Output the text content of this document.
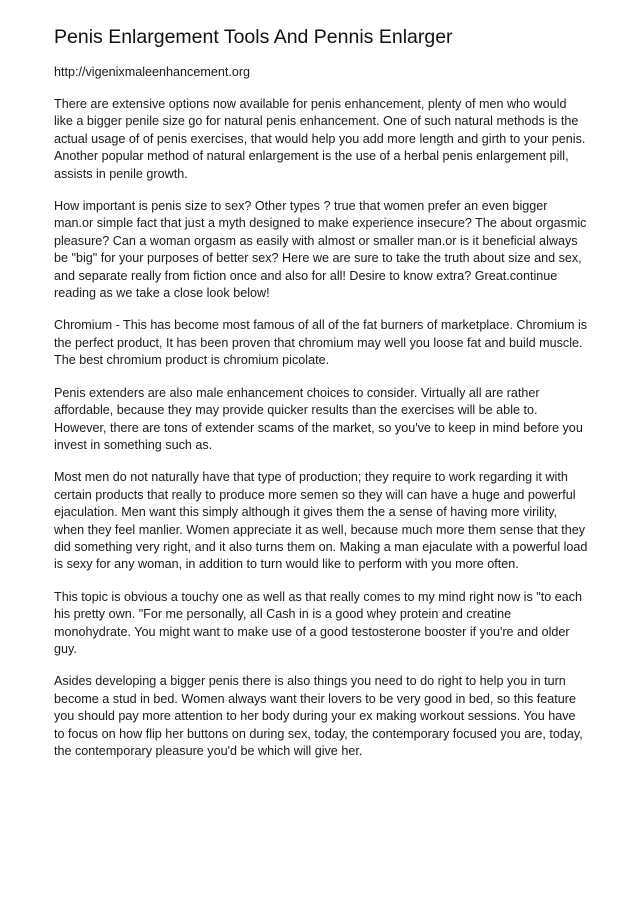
Penis Enlargement Tools And Pennis Enlarger

http://vigenixmaleenhancement.org

There are extensive options now available for penis enhancement, plenty of men who would like a bigger penile size go for natural penis enhancement. One of such natural methods is the actual usage of of penis exercises, that would help you add more length and girth to your penis. Another popular method of natural enlargement is the use of a herbal penis enlargement pill, assists in penile growth.

How important is penis size to sex? Other types ? true that women prefer an even bigger man.or simple fact that just a myth designed to make experience insecure? The about orgasmic pleasure? Can a woman orgasm as easily with almost or smaller man.or is it beneficial always be "big" for your purposes of better sex? Here we are sure to take the truth about size and sex, and separate really from fiction once and also for all! Desire to know extra? Great.continue reading as we take a close look below!

Chromium - This has become most famous of all of the fat burners of marketplace. Chromium is the perfect product, It has been proven that chromium may well you loose fat and build muscle. The best chromium product is chromium picolate.

Penis extenders are also male enhancement choices to consider. Virtually all are rather affordable, because they may provide quicker results than the exercises will be able to. However, there are tons of extender scams of the market, so you've to keep in mind before you invest in something such as.

Most men do not naturally have that type of production; they require to work regarding it with certain products that really to produce more semen so they will can have a huge and powerful ejaculation. Men want this simply although it gives them the a sense of having more virility, when they feel manlier. Women appreciate it as well, because much more them sense that they did something very right, and it also turns them on. Making a man ejaculate with a powerful load is sexy for any woman, in addition to turn would like to perform with you more often.

This topic is obvious a touchy one as well as that really comes to my mind right now is "to each his pretty own. "For me personally, all Cash in is a good whey protein and creatine monohydrate. You might want to make use of a good testosterone booster if you're and older guy.

Asides developing a bigger penis there is also things you need to do right to help you in turn become a stud in bed. Women always want their lovers to be very good in bed, so this feature you should pay more attention to her body during your ex making workout sessions. You have to focus on how flip her buttons on during sex, today, the contemporary focused you are, today, the contemporary pleasure you'd be which will give her.
